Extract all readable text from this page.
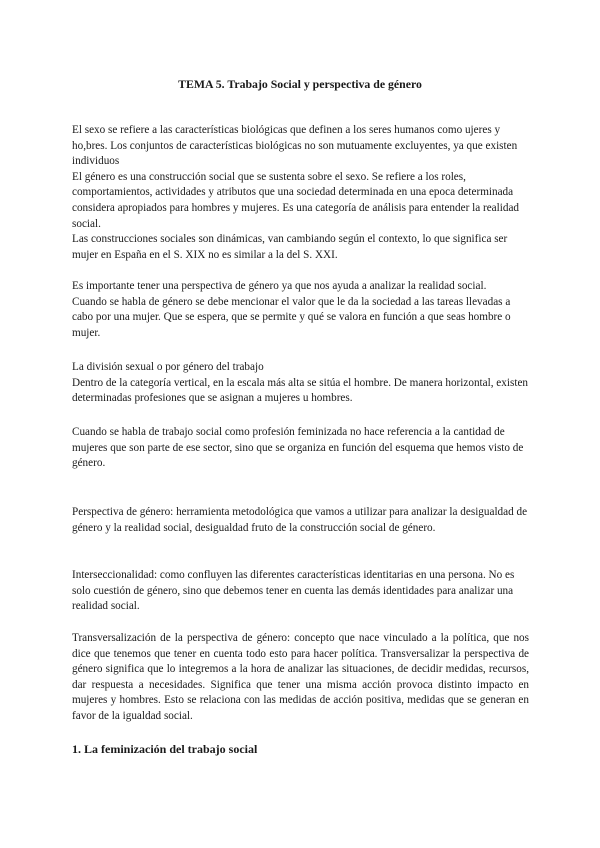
TEMA 5. Trabajo Social y perspectiva de género

El sexo se refiere a las características biológicas que definen a los seres humanos como ujeres y ho,bres. Los conjuntos de características biológicas no son mutuamente excluyentes, ya que existen individuos

El género es una construcción social que se sustenta sobre el sexo. Se refiere a los roles, comportamientos, actividades y atributos que una sociedad determinada en una epoca determinada considera apropiados para hombres y mujeres. Es una categoría de análisis para entender la realidad social.

Las construcciones sociales son dinámicas, van cambiando según el contexto, lo que significa ser mujer en España en el S. XIX no es similar a la del S. XXI.

Es importante tener una perspectiva de género ya que nos ayuda a analizar la realidad social.

Cuando se habla de género se debe mencionar el valor que le da la sociedad a las tareas llevadas a cabo por una mujer. Que se espera, que se permite y qué se valora en función a que seas hombre o mujer.

La división sexual o por género del trabajo

Dentro de la categoría vertical, en la escala más alta se sitúa el hombre. De manera horizontal, existen determinadas profesiones que se asignan a mujeres u hombres.

Cuando se habla de trabajo social como profesión feminizada no hace referencia a la cantidad de mujeres que son parte de ese sector, sino que se organiza en función del esquema que hemos visto de género.

Perspectiva de género: herramienta metodológica que vamos a utilizar para analizar la desigualdad de género y la realidad social, desigualdad fruto de la construcción social de género.

Interseccionalidad: como confluyen las diferentes características identitarias en una persona. No es solo cuestión de género, sino que debemos tener en cuenta las demás identidades para analizar una realidad social.

Transversalización de la perspectiva de género: concepto que nace vinculado a la política, que nos dice que tenemos que tener en cuenta todo esto para hacer política. Transversalizar la perspectiva de género significa que lo integremos a la hora de analizar las situaciones, de decidir medidas, recursos, dar respuesta a necesidades. Significa que tener una misma acción provoca distinto impacto en mujeres y hombres. Esto se relaciona con las medidas de acción positiva, medidas que se generan en favor de la igualdad social.

1. La feminización del trabajo social
